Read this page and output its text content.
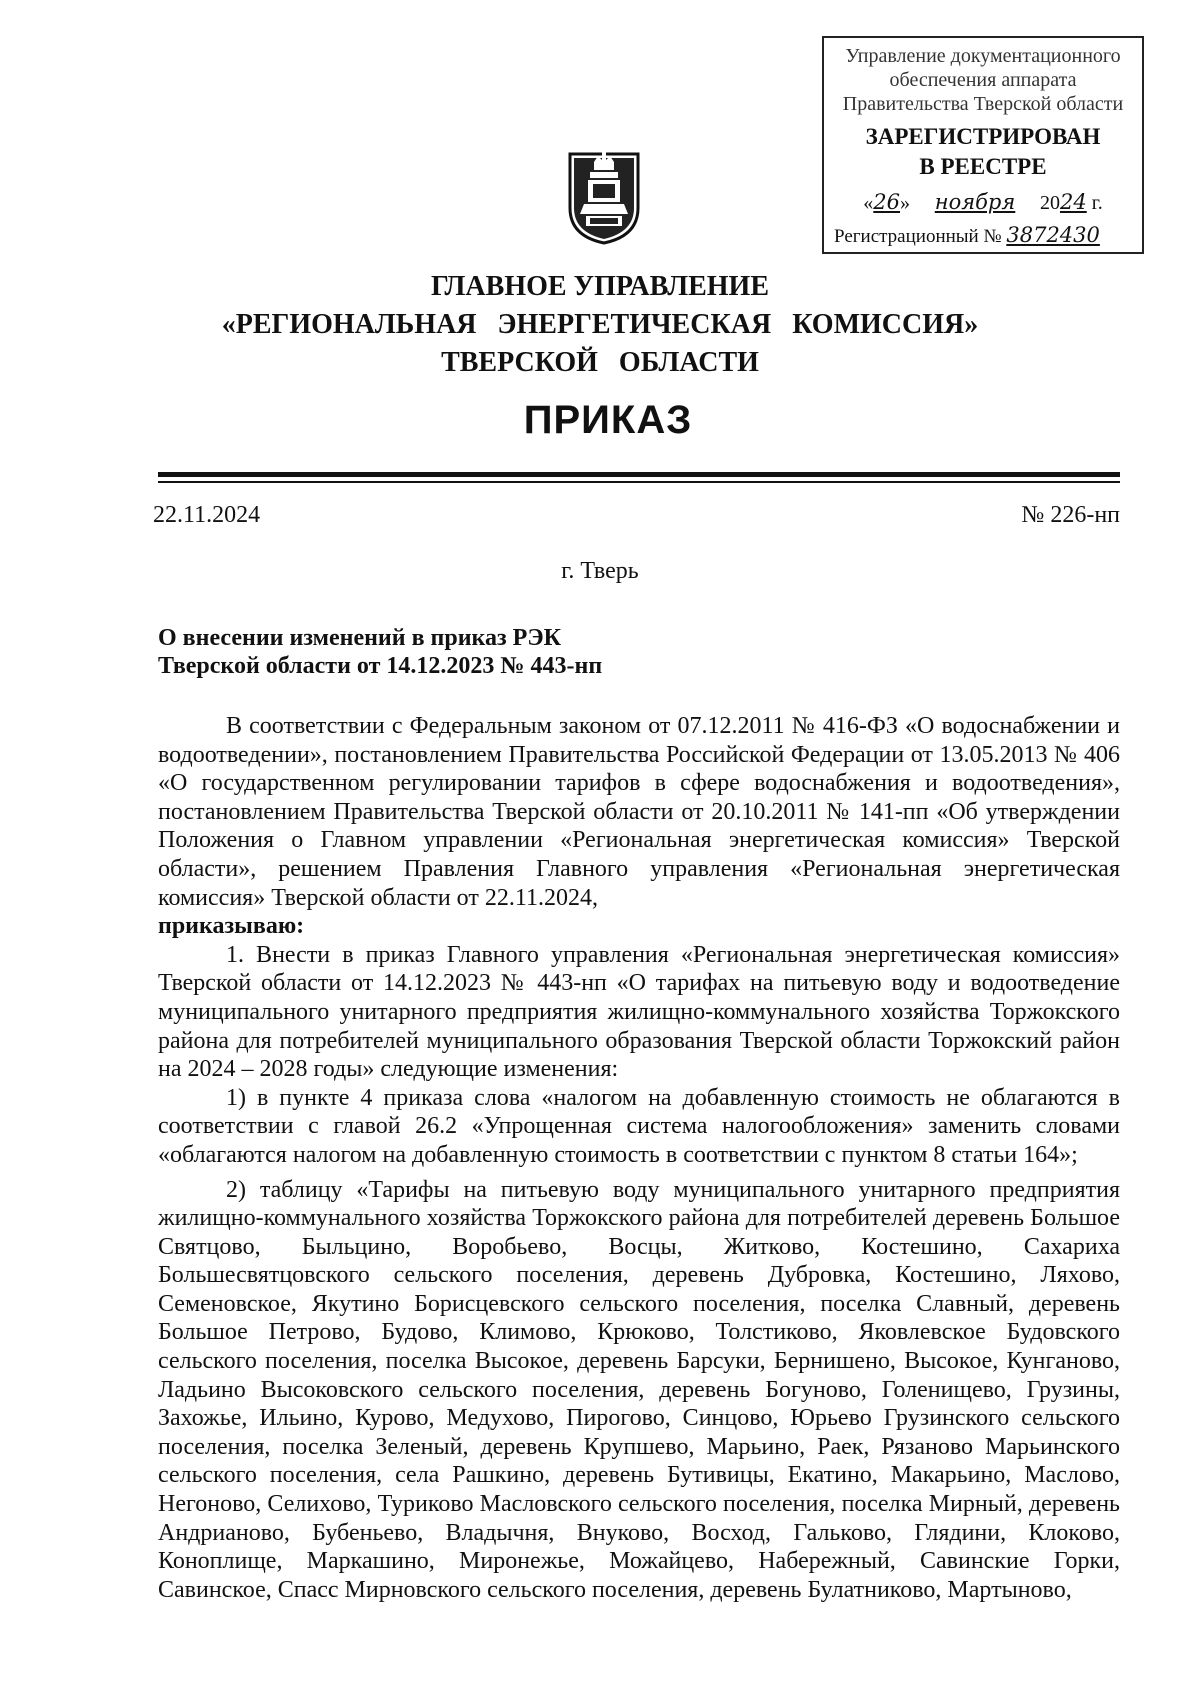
Управление документационного
обеспечения аппарата
Правительства Тверской области
ЗАРЕГИСТРИРОВАН
В РЕЕСТРЕ
«26» ноября 2024 г.
Регистрационный № 3872430
ГЛАВНОЕ УПРАВЛЕНИЕ
«РЕГИОНАЛЬНАЯ ЭНЕРГЕТИЧЕСКАЯ КОМИССИЯ»
ТВЕРСКОЙ ОБЛАСТИ
ПРИКАЗ
22.11.2024	№ 226-нп
г. Тверь
О внесении изменений в приказ РЭК
Тверской области от 14.12.2023 № 443-нп

В соответствии с Федеральным законом от 07.12.2011 № 416-ФЗ «О водоснабжении и водоотведении», постановлением Правительства Российской Федерации от 13.05.2013 № 406 «О государственном регулировании тарифов в сфере водоснабжения и водоотведения», постановлением Правительства Тверской области от 20.10.2011 № 141-пп «Об утверждении Положения о Главном управлении «Региональная энергетическая комиссия» Тверской области», решением Правления Главного управления «Региональная энергетическая комиссия» Тверской области от 22.11.2024,

приказываю:

1. Внести в приказ Главного управления «Региональная энергетическая комиссия» Тверской области от 14.12.2023 № 443-нп «О тарифах на питьевую воду и водоотведение муниципального унитарного предприятия жилищно-коммунального хозяйства Торжокского района для потребителей муниципального образования Тверской области Торжокский район на 2024 – 2028 годы» следующие изменения:

1) в пункте 4 приказа слова «налогом на добавленную стоимость не облагаются в соответствии с главой 26.2 «Упрощенная система налогообложения» заменить словами «облагаются налогом на добавленную стоимость в соответствии с пунктом 8 статьи 164»;

2) таблицу «Тарифы на питьевую воду муниципального унитарного предприятия жилищно-коммунального хозяйства Торжокского района для потребителей деревень Большое Святцово, Быльцино, Воробьево, Восцы, Житково, Костешино, Сахариха Большесвятцовского сельского поселения, деревень Дубровка, Костешино, Ляхово, Семеновское, Якутино Борисцевского сельского поселения, поселка Славный, деревень Большое Петрово, Будово, Климово, Крюково, Толстиково, Яковлевское Будовского сельского поселения, поселка Высокое, деревень Барсуки, Бернишено, Высокое, Кунганово, Ладьино Высоковского сельского поселения, деревень Богуново, Голенищево, Грузины, Захожье, Ильино, Курово, Медухово, Пирогово, Синцово, Юрьево Грузинского сельского поселения, поселка Зеленый, деревень Крупшево, Марьино, Раек, Рязаново Марьинского сельского поселения, села Рашкино, деревень Бутивицы, Екатино, Макарьино, Маслово, Негоново, Селихово, Туриково Масловского сельского поселения, поселка Мирный, деревень Андрианово, Бубеньево, Владычня, Внуково, Восход, Гальково, Глядини, Клоково, Коноплище, Маркашино, Миронежье, Можайцево, Набережный, Савинские Горки, Савинское, Спасс Мирновского сельского поселения, деревень Булатниково, Мартыново,
